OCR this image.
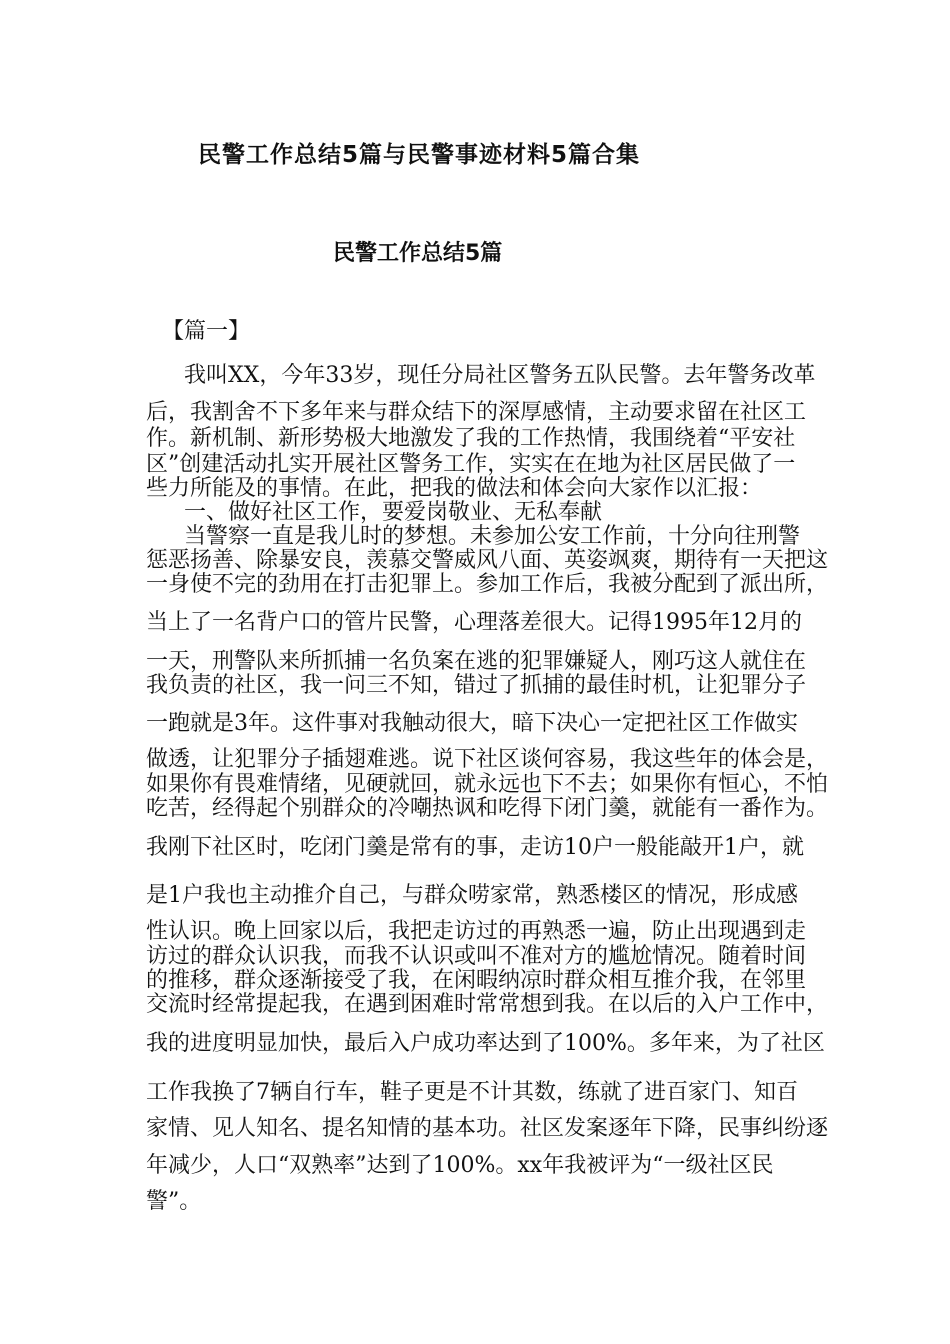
民警工作总结5篇与民警事迹材料5篇合集
民警工作总结5篇
【篇一】
我叫XX，今年33岁，现任分局社区警务五队民警。去年警务改革
后，我割舍不下多年来与群众结下的深厚感情，主动要求留在社区工
作。新机制、新形势极大地激发了我的工作热情，我围绕着“平安社
区”创建活动扎实开展社区警务工作，实实在在地为社区居民做了一
些力所能及的事情。在此，把我的做法和体会向大家作以汇报：
一、做好社区工作，要爱岗敬业、无私奉献
当警察一直是我儿时的梦想。未参加公安工作前，十分向往刑警
惩恶扬善、除暴安良，羡慕交警威风八面、英姿飒爽，期待有一天把这
一身使不完的劲用在打击犯罪上。参加工作后，我被分配到了派出所，
当上了一名背户口的管片民警，心理落差很大。记得1995年12月的
一天，刑警队来所抓捕一名负案在逃的犯罪嫌疑人，刚巧这人就住在
我负责的社区，我一问三不知，错过了抓捕的最佳时机，让犯罪分子
一跑就是3年。这件事对我触动很大，暗下决心一定把社区工作做实
做透，让犯罪分子插翅难逃。说下社区谈何容易，我这些年的体会是，
如果你有畏难情绪，见硬就回，就永远也下不去；如果你有恒心，不怕
吃苦，经得起个别群众的冷嘲热讽和吃得下闭门羹，就能有一番作为。
我刚下社区时，吃闭门羹是常有的事，走访10户一般能敲开1户，就
是1户我也主动推介自己，与群众唠家常，熟悉楼区的情况，形成感
性认识。晚上回家以后，我把走访过的再熟悉一遍，防止出现遇到走
访过的群众认识我，而我不认识或叫不准对方的尴尬情况。随着时间
的推移，群众逐渐接受了我，在闲暇纳凉时群众相互推介我，在邻里
交流时经常提起我，在遇到困难时常常想到我。在以后的入户工作中，
我的进度明显加快，最后入户成功率达到了100%。多年来，为了社区
工作我换了7辆自行车，鞋子更是不计其数，练就了进百家门、知百
家情、见人知名、提名知情的基本功。社区发案逐年下降，民事纠纷逐
年减少，人口“双熟率”达到了100%。xx年我被评为“一级社区民
警”。
